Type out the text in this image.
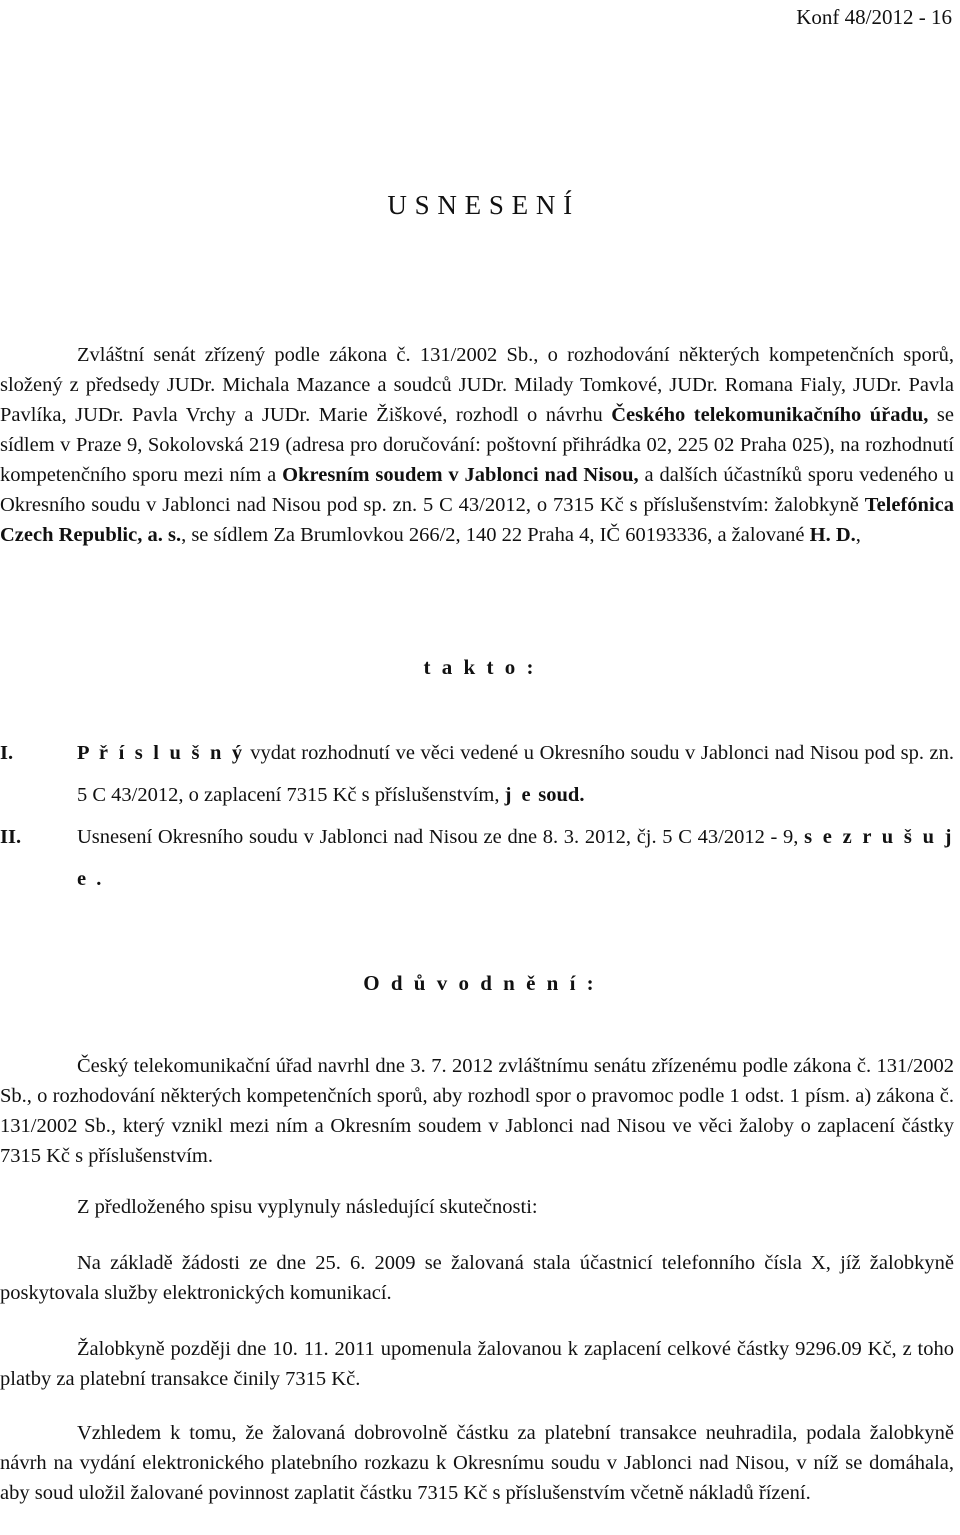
Konf 48/2012 - 16
U S N E S E N Í

Zvláštní senát zřízený podle zákona č. 131/2002 Sb., o rozhodování některých kompetenčních sporů, složený z předsedy JUDr. Michala Mazance a soudců JUDr. Milady Tomkové, JUDr. Romana Fialy, JUDr. Pavla Pavlíka, JUDr. Pavla Vrchy a JUDr. Marie Žiškové, rozhodl o návrhu Českého telekomunikačního úřadu, se sídlem v Praze 9, Sokolovská 219 (adresa pro doručování: poštovní přihrádka 02, 225 02 Praha 025), na rozhodnutí kompetenčního sporu mezi ním a Okresním soudem v Jablonci nad Nisou, a dalších účastníků sporu vedeného u Okresního soudu v Jablonci nad Nisou pod sp. zn. 5 C 43/2012, o 7315 Kč s příslušenstvím: žalobkyně Telefónica Czech Republic, a. s., se sídlem Za Brumlovkou 266/2, 140 22 Praha 4, IČ 60193336, a žalované H. D.,

t a k t o :
I.	P ř í s l u š n ý vydat rozhodnutí ve věci vedené u Okresního soudu v Jablonci nad Nisou pod sp. zn. 5 C 43/2012, o zaplacení 7315 Kč s příslušenstvím, j e soud.
II.	Usnesení Okresního soudu v Jablonci nad Nisou ze dne 8. 3. 2012, čj. 5 C 43/2012 - 9, s e z r u š u j e .
O d ů v o d n ě n í :

Český telekomunikační úřad navrhl dne 3. 7. 2012 zvláštnímu senátu zřízenému podle zákona č. 131/2002 Sb., o rozhodování některých kompetenčních sporů, aby rozhodl spor o pravomoc podle 1 odst. 1 písm. a) zákona č. 131/2002 Sb., který vznikl mezi ním a Okresním soudem v Jablonci nad Nisou ve věci žaloby o zaplacení částky 7315 Kč s příslušenstvím.

Z předloženého spisu vyplynuly následující skutečnosti:

Na základě žádosti ze dne 25. 6. 2009 se žalovaná stala účastnicí telefonního čísla X, jíž žalobkyně poskytovala služby elektronických komunikací.

Žalobkyně později dne 10. 11. 2011 upomenula žalovanou k zaplacení celkové částky 9296.09 Kč, z toho platby za platební transakce činily 7315 Kč.

Vzhledem k tomu, že žalovaná dobrovolně částku za platební transakce neuhradila, podala žalobkyně návrh na vydání elektronického platebního rozkazu k Okresnímu soudu v Jablonci nad Nisou, v níž se domáhala, aby soud uložil žalované povinnost zaplatit částku 7315 Kč s příslušenstvím včetně nákladů řízení.
